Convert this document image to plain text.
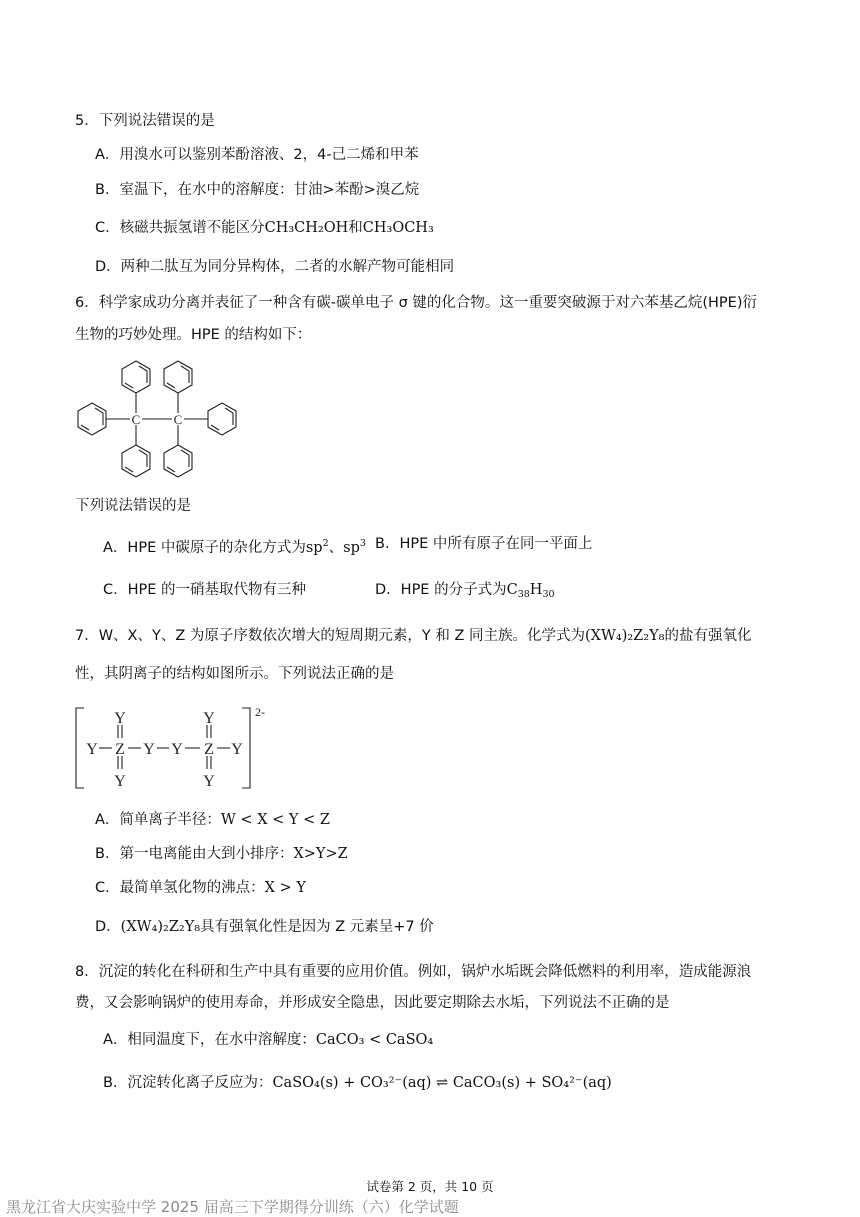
5．下列说法错误的是
A．用溴水可以鉴别苯酚溶液、2，4-己二烯和甲苯
B．室温下，在水中的溶解度：甘油>苯酚>溴乙烷
C．核磁共振氢谱不能区分CH₃CH₂OH和CH₃OCH₃
D．两种二肽互为同分异构体，二者的水解产物可能相同
6．科学家成功分离并表征了一种含有碳-碳单电子 σ 键的化合物。这一重要突破源于对六苯基乙烷(HPE)衍
生物的巧妙处理。HPE 的结构如下：
C	C
下列说法错误的是
A．HPE 中碳原子的杂化方式为$sp^2$、$sp^3$ B．HPE 中所有原子在同一平面上
C．HPE 的一硝基取代物有三种	D．HPE 的分子式为$C_{38}H_{30}$
7．W、X、Y、Z 为原子序数依次增大的短周期元素，Y 和 Z 同主族。化学式为(XW₄)₂Z₂Y₈的盐有强氧化
性，其阴离子的结构如图所示。下列说法正确的是
Y	Y
Y Z Y Y Z Y
Y	Y
2-
A．简单离子半径：W < X < Y < Z
B．第一电离能由大到小排序：X>Y>Z
C．最简单氢化物的沸点：X > Y
D．(XW₄)₂Z₂Y₈具有强氧化性是因为 Z 元素呈+7 价
8．沉淀的转化在科研和生产中具有重要的应用价值。例如，锅炉水垢既会降低燃料的利用率，造成能源浪
费，又会影响锅炉的使用寿命，并形成安全隐患，因此要定期除去水垢，下列说法不正确的是
A．相同温度下，在水中溶解度：CaCO₃ < CaSO₄
B．沉淀转化离子反应为：CaSO₄(s) + CO₃²⁻(aq) ⇌ CaCO₃(s) + SO₄²⁻(aq)
试卷第 2 页，共 10 页
黑龙江省大庆实验中学 2025 届高三下学期得分训练（六）化学试题
